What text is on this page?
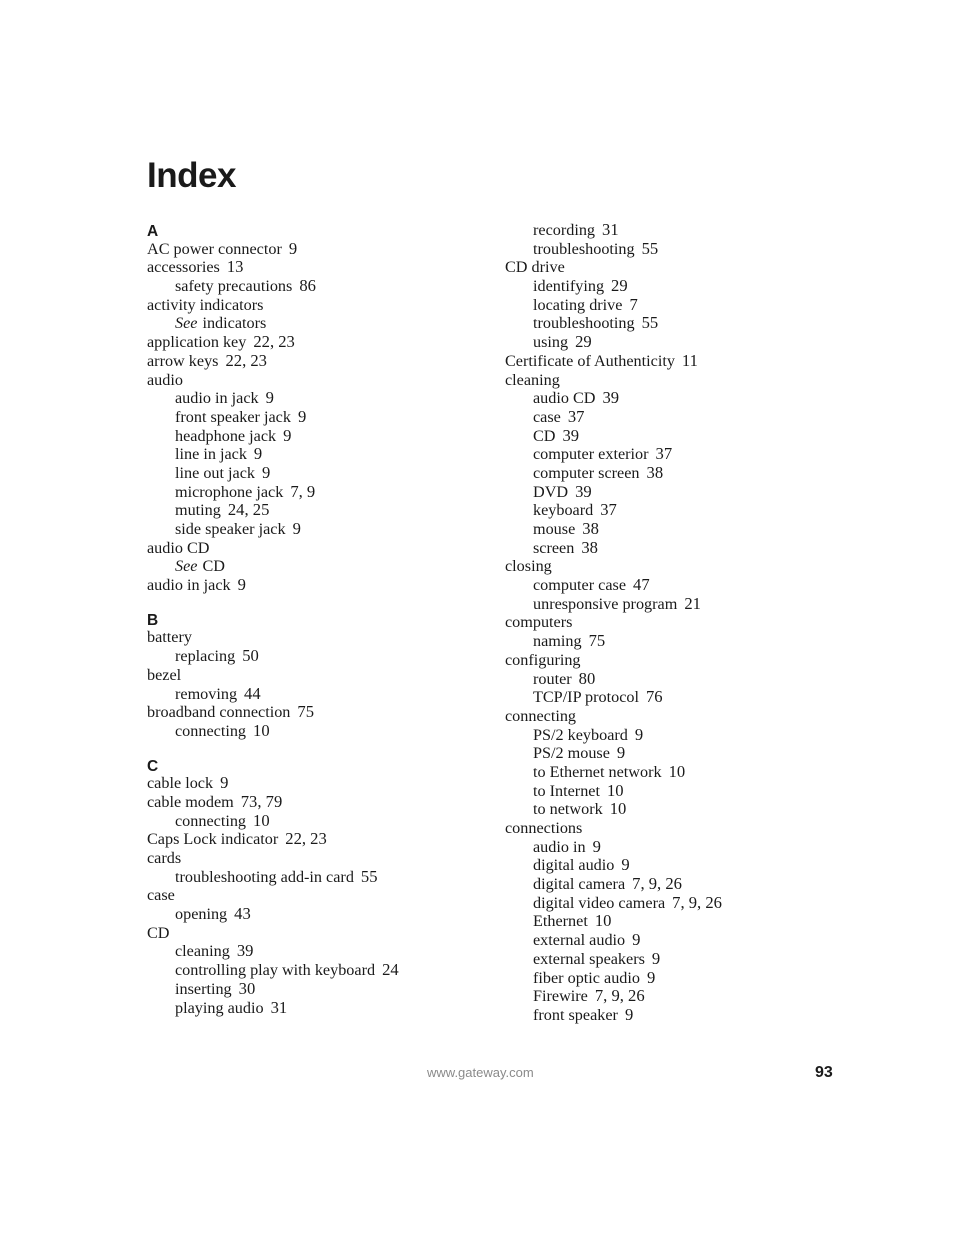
Index
A
AC power connector 9
accessories 13
safety precautions 86
activity indicators
See indicators
application key 22, 23
arrow keys 22, 23
audio
audio in jack 9
front speaker jack 9
headphone jack 9
line in jack 9
line out jack 9
microphone jack 7, 9
muting 24, 25
side speaker jack 9
audio CD
See CD
audio in jack 9
B
battery
replacing 50
bezel
removing 44
broadband connection 75
connecting 10
C
cable lock 9
cable modem 73, 79
connecting 10
Caps Lock indicator 22, 23
cards
troubleshooting add-in card 55
case
opening 43
CD
cleaning 39
controlling play with keyboard 24
inserting 30
playing audio 31
recording 31
troubleshooting 55
CD drive
identifying 29
locating drive 7
troubleshooting 55
using 29
Certificate of Authenticity 11
cleaning
audio CD 39
case 37
CD 39
computer exterior 37
computer screen 38
DVD 39
keyboard 37
mouse 38
screen 38
closing
computer case 47
unresponsive program 21
computers
naming 75
configuring
router 80
TCP/IP protocol 76
connecting
PS/2 keyboard 9
PS/2 mouse 9
to Ethernet network 10
to Internet 10
to network 10
connections
audio in 9
digital audio 9
digital camera 7, 9, 26
digital video camera 7, 9, 26
Ethernet 10
external audio 9
external speakers 9
fiber optic audio 9
Firewire 7, 9, 26
front speaker 9
www.gateway.com	93
